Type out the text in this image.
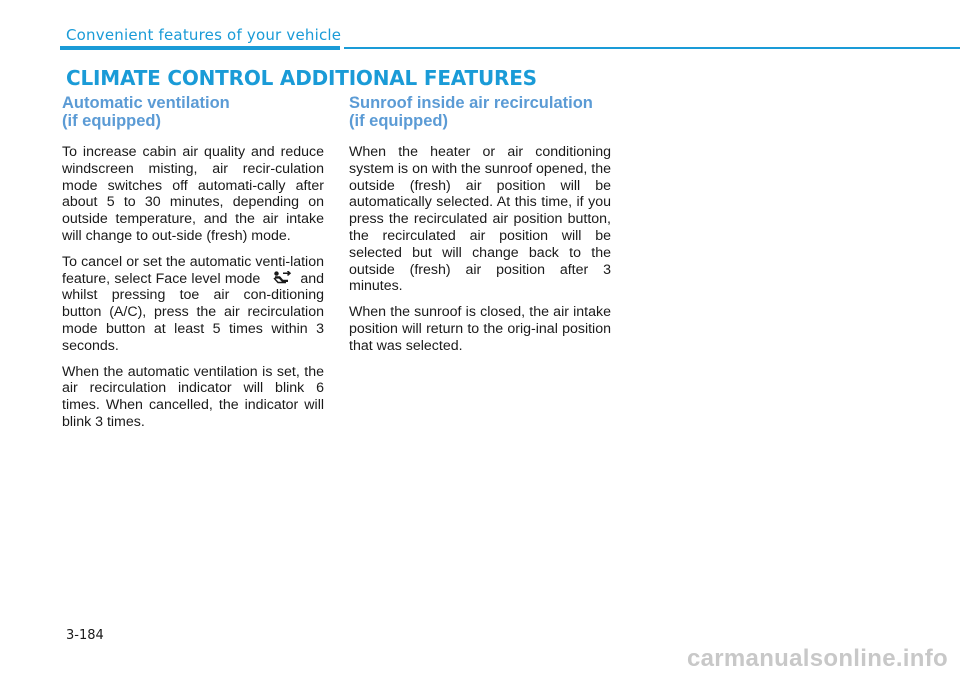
Convenient features of your vehicle
CLIMATE CONTROL ADDITIONAL FEATURES
Automatic ventilation
(if equipped)

To increase cabin air quality and reduce windscreen misting, air recir-culation mode switches off automati-cally after about 5 to 30 minutes, depending on outside temperature, and the air intake will change to out-side (fresh) mode.

To cancel or set the automatic venti-lation feature, select Face level mode	and whilst pressing toe air con-ditioning button (A/C), press the air recirculation mode button at least 5 times within 3 seconds.

When the automatic ventilation is set, the air recirculation indicator will blink 6 times. When cancelled, the indicator will blink 3 times.

Sunroof inside air recirculation
(if equipped)

When the heater or air conditioning system is on with the sunroof opened, the outside (fresh) air position will be automatically selected. At this time, if you press the recirculated air position button, the recirculated air position will be selected but will change back to the outside (fresh) air position after 3 minutes.

When the sunroof is closed, the air intake position will return to the orig-inal position that was selected.

3-184
carmanualsonline.info
